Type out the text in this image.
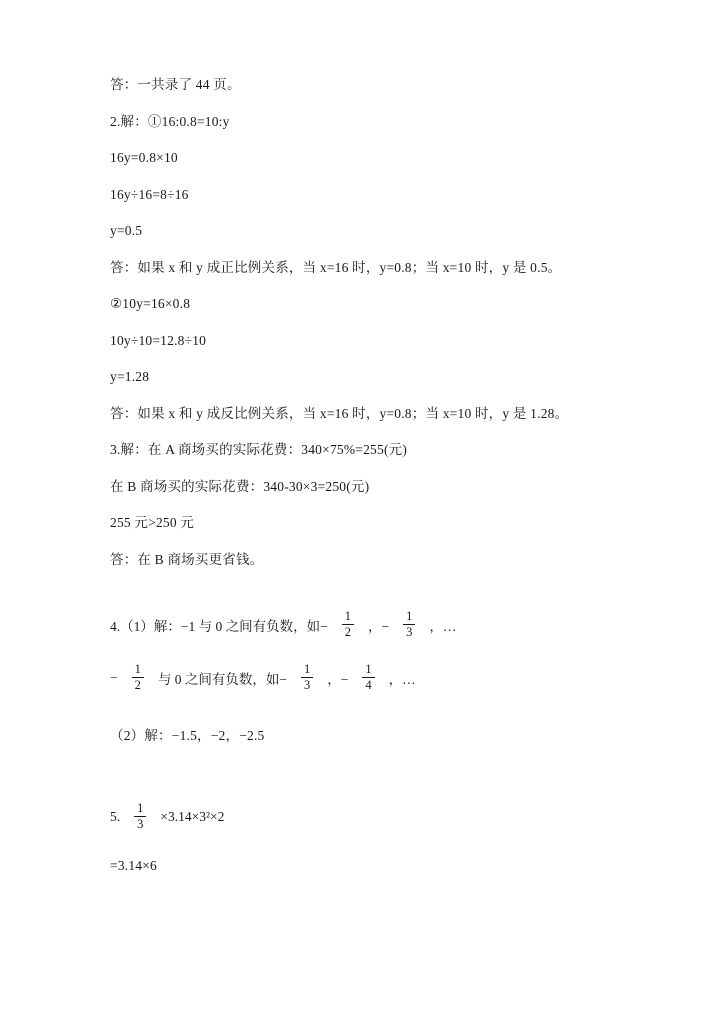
答：一共录了 44 页。

2.解：①16:0.8=10:y

16y=0.8×10

16y÷16=8÷16

y=0.5

答：如果 x 和 y 成正比例关系，当 x=16 时，y=0.8；当 x=10 时，y 是 0.5。

②10y=16×0.8

10y÷10=12.8÷10

y=1.28

答：如果 x 和 y 成反比例关系，当 x=16 时，y=0.8；当 x=10 时，y 是 1.28。

3.解：在 A 商场买的实际花费：340×75%=255(元)

在 B 商场买的实际花费：340-30×3=250(元)

255 元>250 元

答：在 B 商场买更省钱。

4.（1）解：−1 与 0 之间有负数，如− $\frac{1}{2}$ ，− $\frac{1}{3}$ ，…
− $\frac{1}{2}$ 与 0 之间有负数，如− $\frac{1}{3}$ ，− $\frac{1}{4}$ ，…

（2）解：−1.5，−2，−2.5

5. $\frac{1}{3} \times 3.14\times 3^2\times 2$

=3.14×6
